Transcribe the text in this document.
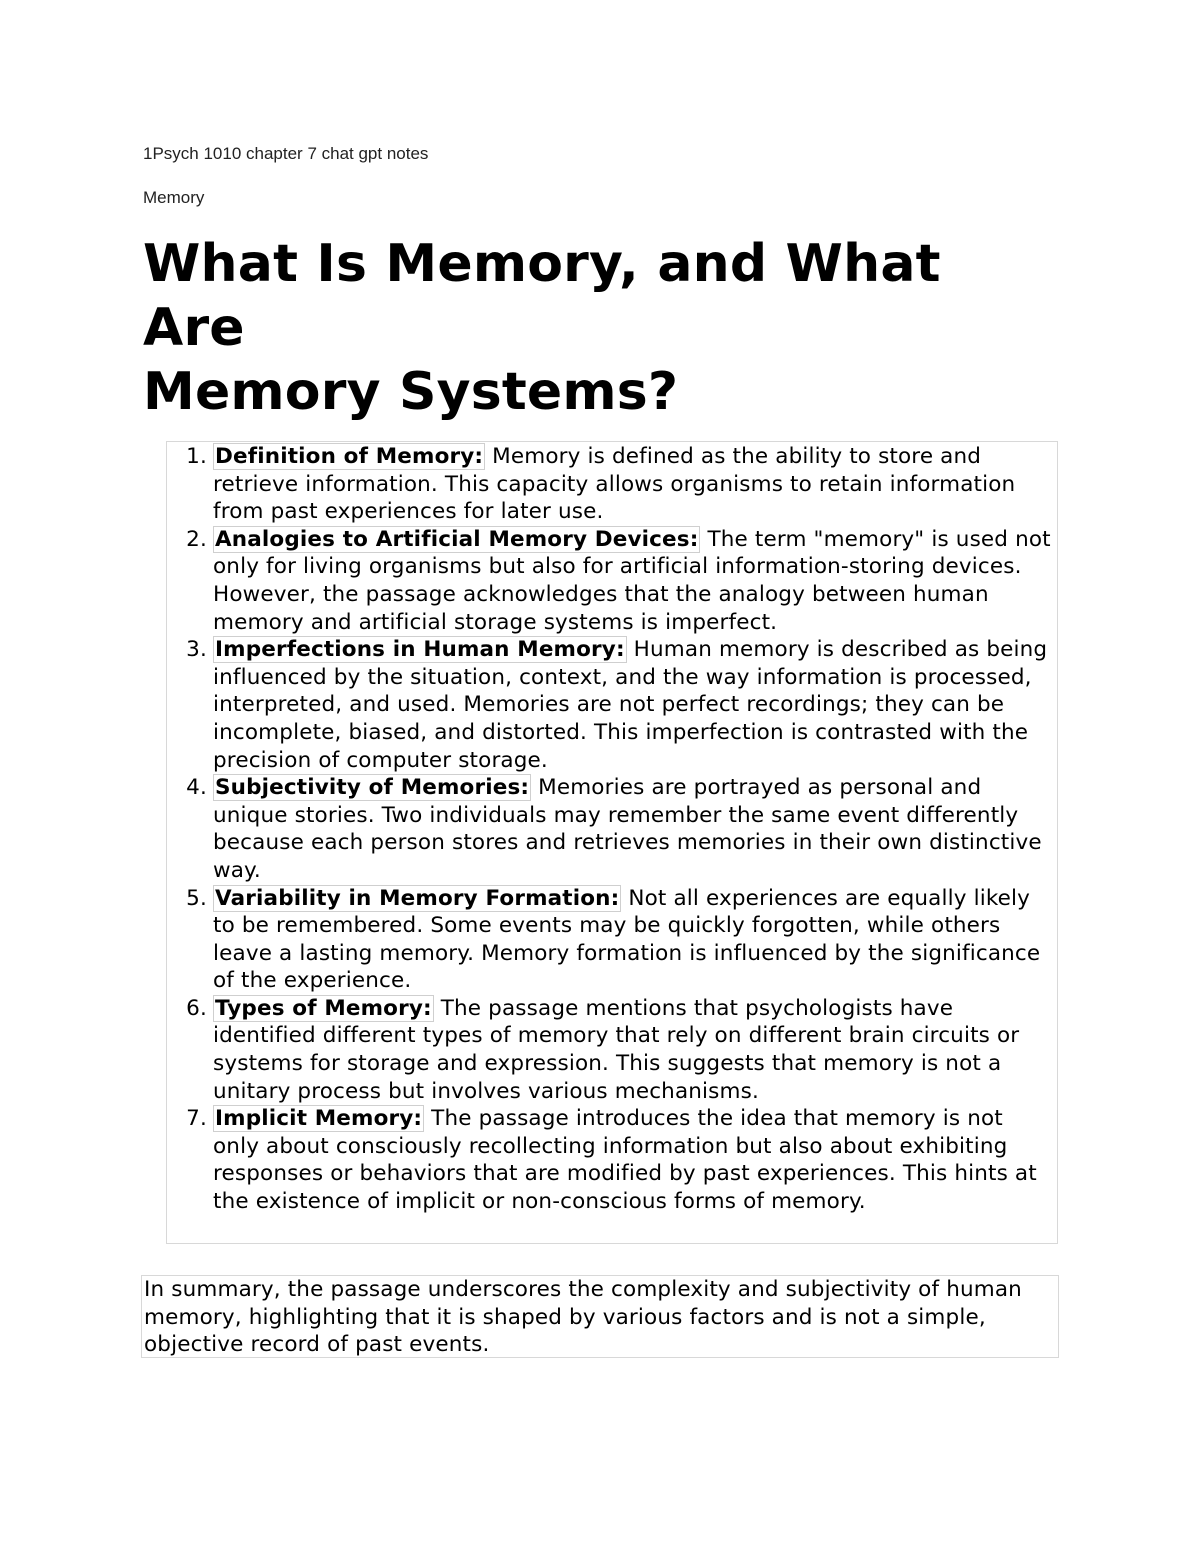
1Psych 1010 chapter 7 chat gpt notes

Memory

What Is Memory, and What
Are
Memory Systems?
1. Definition of Memory: Memory is defined as the ability to store and retrieve information. This capacity allows organisms to retain information from past experiences for later use.
2. Analogies to Artificial Memory Devices: The term "memory" is used not only for living organisms but also for artificial information-storing devices. However, the passage acknowledges that the analogy between human memory and artificial storage systems is imperfect.
3. Imperfections in Human Memory: Human memory is described as being influenced by the situation, context, and the way information is processed, interpreted, and used. Memories are not perfect recordings; they can be incomplete, biased, and distorted. This imperfection is contrasted with the precision of computer storage.
4. Subjectivity of Memories: Memories are portrayed as personal and unique stories. Two individuals may remember the same event differently because each person stores and retrieves memories in their own distinctive way.
5. Variability in Memory Formation: Not all experiences are equally likely to be remembered. Some events may be quickly forgotten, while others leave a lasting memory. Memory formation is influenced by the significance of the experience.
6. Types of Memory: The passage mentions that psychologists have identified different types of memory that rely on different brain circuits or systems for storage and expression. This suggests that memory is not a unitary process but involves various mechanisms.
7. Implicit Memory: The passage introduces the idea that memory is not only about consciously recollecting information but also about exhibiting responses or behaviors that are modified by past experiences. This hints at the existence of implicit or non-conscious forms of memory.
In summary, the passage underscores the complexity and subjectivity of human memory, highlighting that it is shaped by various factors and is not a simple, objective record of past events.
